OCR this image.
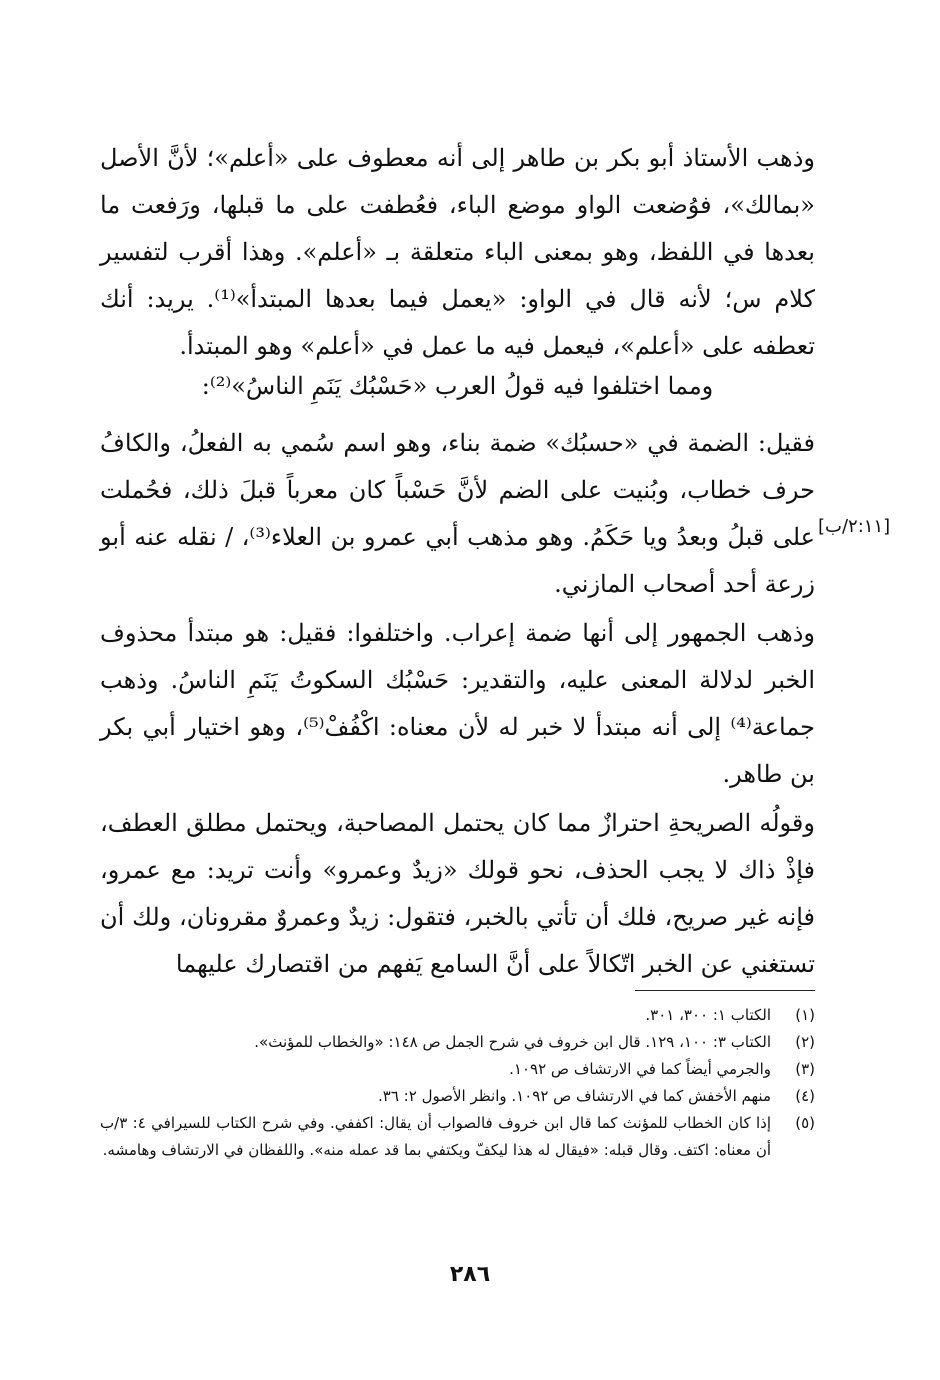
وذهب الأستاذ أبو بكر بن طاهر إلى أنه معطوف على «أعلم»؛ لأنَّ الأصل «بمالك»، فوُضعت الواو موضع الباء، فعُطفت على ما قبلها، ورَفعت ما بعدها في اللفظ، وهو بمعنى الباء متعلقة بـ «أعلم». وهذا أقرب لتفسير كلام س؛ لأنه قال في الواو: «يعمل فيما بعدها المبتدأ»⁽¹⁾. يريد: أنك تعطفه على «أعلم»، فيعمل فيه ما عمل في «أعلم» وهو المبتدأ.

ومما اختلفوا فيه قولُ العرب «حَسْبُك يَنَمِ الناسُ»⁽²⁾:

فقيل: الضمة في «حسبُك» ضمة بناء، وهو اسم سُمي به الفعلُ، والكافُ حرف خطاب، وبُنيت على الضم لأنَّ حَسْباً كان معرباً قبلَ ذلك، فحُملت على قبلُ وبعدُ ويا حَكَمُ. وهو مذهب أبي عمرو بن العلاء⁽³⁾، / نقله عنه أبو زرعة أحد أصحاب المازني.

[٢:١١/ب]

وذهب الجمهور إلى أنها ضمة إعراب. واختلفوا: فقيل: هو مبتدأ محذوف الخبر لدلالة المعنى عليه، والتقدير: حَسْبُك السكوتُ يَنَمِ الناسُ. وذهب جماعة⁽⁴⁾ إلى أنه مبتدأ لا خبر له لأن معناه: اكْفُفْ⁽⁵⁾، وهو اختيار أبي بكر بن طاهر.

وقولُه الصريحةِ احترازٌ مما كان يحتمل المصاحبة، ويحتمل مطلق العطف، فإذْ ذاك لا يجب الحذف، نحو قولك «زيدٌ وعمرو» وأنت تريد: مع عمرو، فإنه غير صريح، فلك أن تأتي بالخبر، فتقول: زيدٌ وعمروٌ مقرونان، ولك أن تستغني عن الخبر اتّكالاً على أنَّ السامع يَفهم من اقتصارك عليهما

(١)
الكتاب ١: ٣٠٠، ٣٠١.
(٢)
الكتاب ٣: ١٠٠، ١٢٩. قال ابن خروف في شرح الجمل ص ١٤٨: «والخطاب للمؤنث».
(٣)
والجرمي أيضاً كما في الارتشاف ص ١٠٩٢.
(٤)
منهم الأخفش كما في الارتشاف ص ١٠٩٢. وانظر الأصول ٢: ٣٦.
(٥)
إذا كان الخطاب للمؤنث كما قال ابن خروف فالصواب أن يقال: اكففي. وفي شرح الكتاب للسيرافي ٤: ٣/ب أن معناه: اكتف. وقال قبله: «فيقال له هذا ليكفّ ويكتفي بما قد عمله منه». واللفظان في الارتشاف وهامشه.
٢٨٦
